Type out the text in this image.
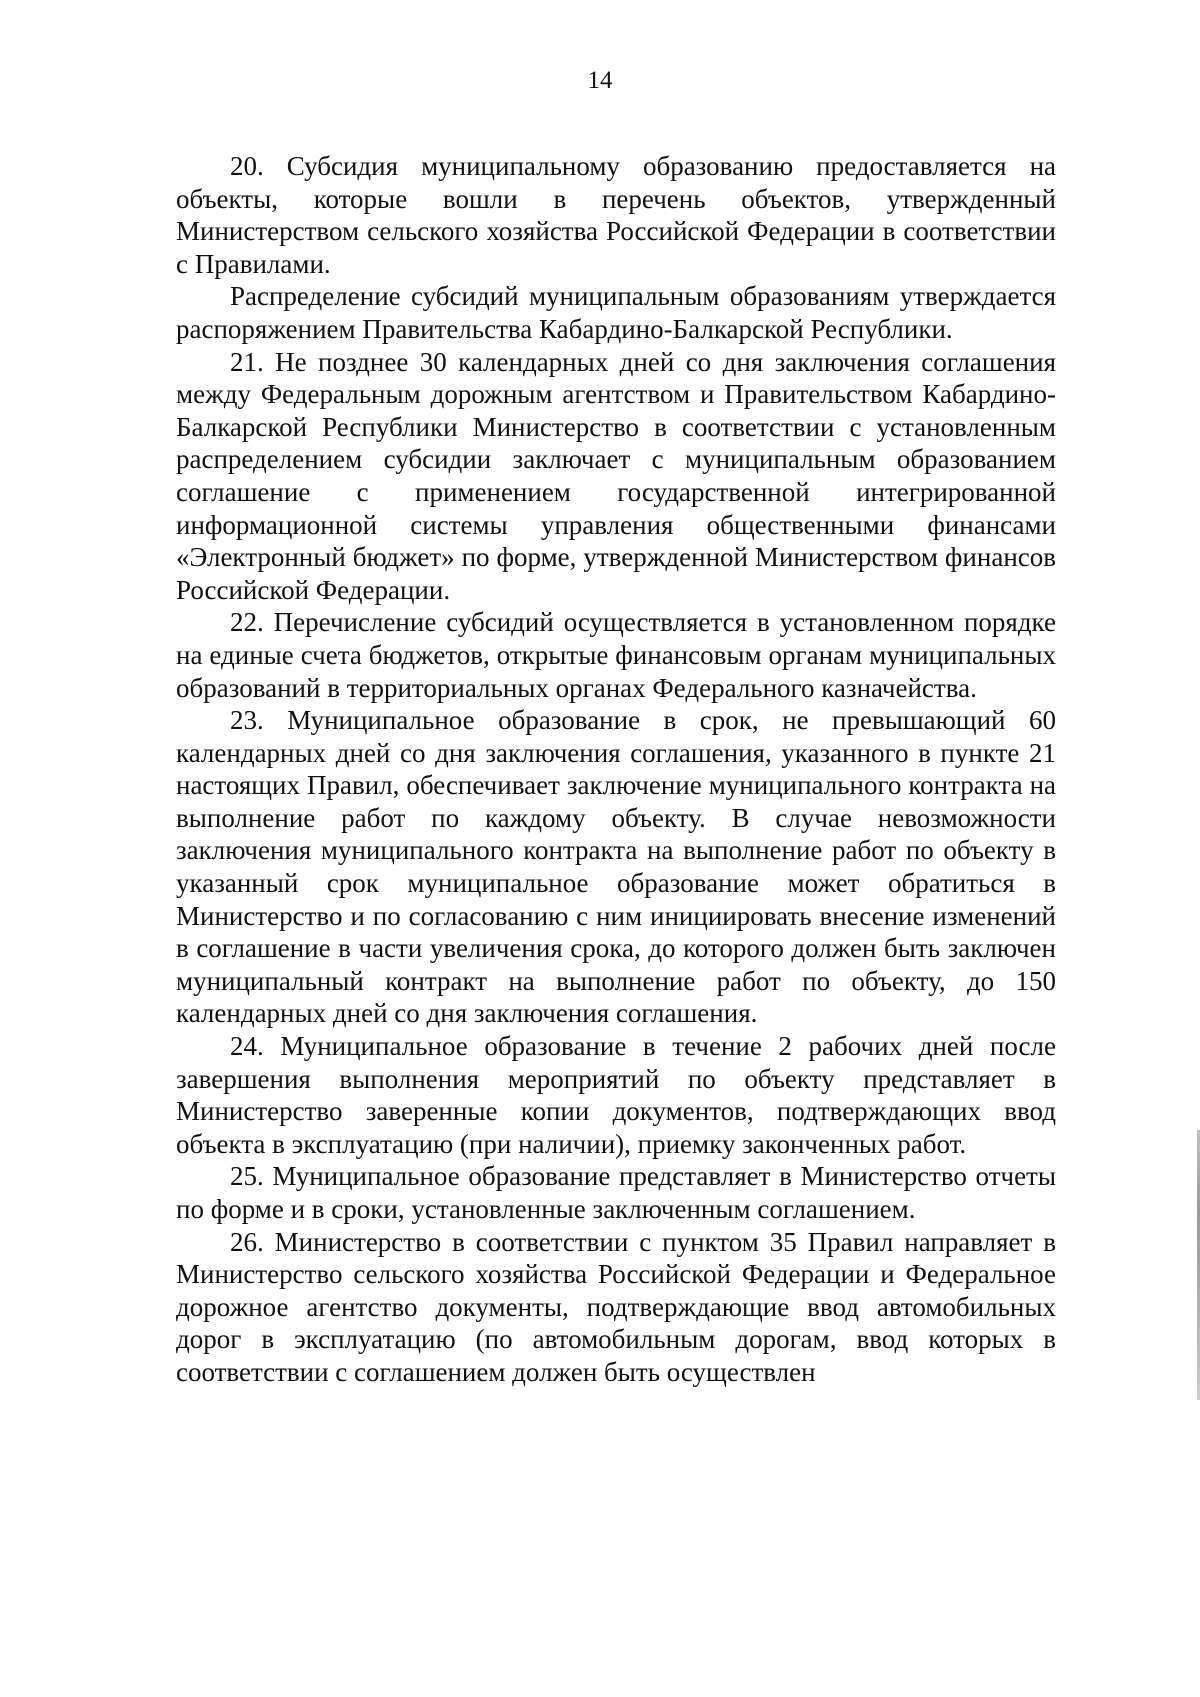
14

20. Субсидия муниципальному образованию предоставляется на объекты, которые вошли в перечень объектов, утвержденный Министерством сельского хозяйства Российской Федерации в соответствии с Правилами.

Распределение субсидий муниципальным образованиям утверждается распоряжением Правительства Кабардино-Балкарской Республики.

21. Не позднее 30 календарных дней со дня заключения соглашения между Федеральным дорожным агентством и Правительством Кабардино-Балкарской Республики Министерство в соответствии с установленным распределением субсидии заключает с муниципальным образованием соглашение с применением государственной интегрированной информационной системы управления общественными финансами «Электронный бюджет» по форме, утвержденной Министерством финансов Российской Федерации.

22. Перечисление субсидий осуществляется в установленном порядке на единые счета бюджетов, открытые финансовым органам муниципальных образований в территориальных органах Федерального казначейства.

23. Муниципальное образование в срок, не превышающий 60 календарных дней со дня заключения соглашения, указанного в пункте 21 настоящих Правил, обеспечивает заключение муниципального контракта на выполнение работ по каждому объекту. В случае невозможности заключения муниципального контракта на выполнение работ по объекту в указанный срок муниципальное образование может обратиться в Министерство и по согласованию с ним инициировать внесение изменений в соглашение в части увеличения срока, до которого должен быть заключен муниципальный контракт на выполнение работ по объекту, до 150 календарных дней со дня заключения соглашения.

24. Муниципальное образование в течение 2 рабочих дней после завершения выполнения мероприятий по объекту представляет в Министерство заверенные копии документов, подтверждающих ввод объекта в эксплуатацию (при наличии), приемку законченных работ.

25. Муниципальное образование представляет в Министерство отчеты по форме и в сроки, установленные заключенным соглашением.

26. Министерство в соответствии с пунктом 35 Правил направляет в Министерство сельского хозяйства Российской Федерации и Федеральное дорожное агентство документы, подтверждающие ввод автомобильных дорог в эксплуатацию (по автомобильным дорогам, ввод которых в соответствии с соглашением должен быть осуществлен
